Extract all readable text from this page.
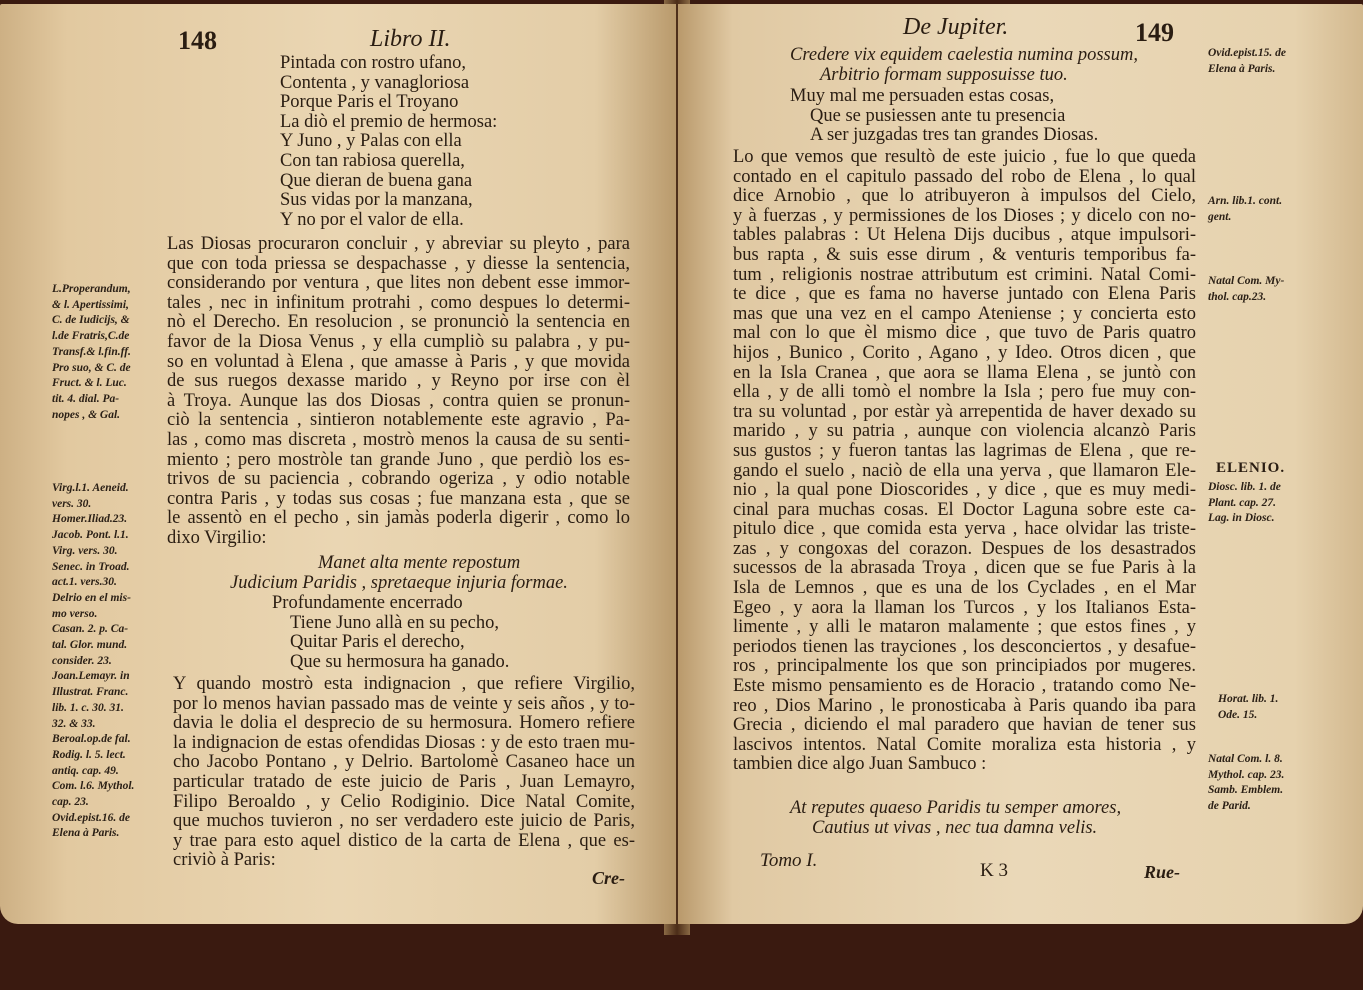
148	Libro II.
Pintada con rostro ufano,
Contenta , y vanagloriosa
Porque Paris el Troyano
La diò el premio de hermosa:
Y Juno , y Palas con ella
Con tan rabiosa querella,
Que dieran de buena gana
Sus vidas por la manzana,
Y no por el valor de ella.
Las Diosas procuraron concluir , y abreviar su pleyto , para
que con toda priessa se despachasse , y diesse la sentencia,
considerando por ventura , que lites non debent esse immor-
tales , nec in infinitum protrahi , como despues lo determi-
nò el Derecho. En resolucion , se pronunciò la sentencia en
favor de la Diosa Venus , y ella cumpliò su palabra , y pu-
so en voluntad à Elena , que amasse à Paris , y que movida
de sus ruegos dexasse marido , y Reyno por irse con èl
à Troya. Aunque las dos Diosas , contra quien se pronun-
ciò la sentencia , sintieron notablemente este agravio , Pa-
las , como mas discreta , mostrò menos la causa de su senti-
miento ; pero mostròle tan grande Juno , que perdiò los es-
trivos de su paciencia , cobrando ogeriza , y odio notable
contra Paris , y todas sus cosas ; fue manzana esta , que se
le assentò en el pecho , sin jamàs poderla digerir , como lo
dixo Virgilio:
Manet alta mente repostum
Judicium Paridis , spretaeque injuria formae.
Profundamente encerrado
Tiene Juno allà en su pecho,
Quitar Paris el derecho,
Que su hermosura ha ganado.
Y quando mostrò esta indignacion , que refiere Virgilio,
por lo menos havian passado mas de veinte y seis años , y to-
davia le dolia el desprecio de su hermosura. Homero refiere
la indignacion de estas ofendidas Diosas : y de esto traen mu-
cho Jacobo Pontano , y Delrio. Bartolomè Casaneo hace un
particular tratado de este juicio de Paris , Juan Lemayro,
Filipo Beroaldo , y Celio Rodiginio. Dice Natal Comite,
que muchos tuvieron , no ser verdadero este juicio de Paris,
y trae para esto aquel distico de la carta de Elena , que es-
criviò à Paris:
Cre-
L.Properandum,
& l. Apertissimi,
C. de Iudicijs, &
l.de Fratris,C.de
Transf.& l.fin.ff.
Pro suo, & C. de
Fruct. & l. Luc.
tit. 4. dial. Pa-
nopes , & Gal.
Virg.l.1. Aeneid.
vers. 30.
Homer.Iliad.23.
Jacob. Pont. l.1.
Virg. vers. 30.
Senec. in Troad.
act.1. vers.30.
Delrio en el mis-
mo verso.
Casan. 2. p. Ca-
tal. Glor. mund.
consider. 23.
Joan.Lemayr. in
Illustrat. Franc.
lib. 1. c. 30. 31.
32. & 33.
Beroal.op.de fal.
Rodig. l. 5. lect.
antiq. cap. 49.
Com. l.6. Mythol.
cap. 23.
Ovid.epist.16. de
Elena à Paris.
De Jupiter.	149
Credere vix equidem caelestia numina possum,
Arbitrio formam supposuisse tuo.
Muy mal me persuaden estas cosas,
Que se pusiessen ante tu presencia
A ser juzgadas tres tan grandes Diosas.
Lo que vemos que resultò de este juicio , fue lo que queda
contado en el capitulo passado del robo de Elena , lo qual
dice Arnobio , que lo atribuyeron à impulsos del Cielo,
y à fuerzas , y permissiones de los Dioses ; y dicelo con no-
tables palabras : Ut Helena Dijs ducibus , atque impulsori-
bus rapta , & suis esse dirum , & venturis temporibus fa-
tum , religionis nostrae attributum est crimini. Natal Comi-
te dice , que es fama no haverse juntado con Elena Paris
mas que una vez en el campo Ateniense ; y concierta esto
mal con lo que èl mismo dice , que tuvo de Paris quatro
hijos , Bunico , Corito , Agano , y Ideo. Otros dicen , que
en la Isla Cranea , que aora se llama Elena , se juntò con
ella , y de alli tomò el nombre la Isla ; pero fue muy con-
tra su voluntad , por estàr yà arrepentida de haver dexado su
marido , y su patria , aunque con violencia alcanzò Paris
sus gustos ; y fueron tantas las lagrimas de Elena , que re-
gando el suelo , naciò de ella una yerva , que llamaron Ele-
nio , la qual pone Dioscorides , y dice , que es muy medi-
cinal para muchas cosas. El Doctor Laguna sobre este ca-
pitulo dice , que comida esta yerva , hace olvidar las triste-
zas , y congoxas del corazon. Despues de los desastrados
sucessos de la abrasada Troya , dicen que se fue Paris à la
Isla de Lemnos , que es una de los Cyclades , en el Mar
Egeo , y aora la llaman los Turcos , y los Italianos Esta-
limente , y alli le mataron malamente ; que estos fines , y
periodos tienen las trayciones , los desconciertos , y desafue-
ros , principalmente los que son principiados por mugeres.
Este mismo pensamiento es de Horacio , tratando como Ne-
reo , Dios Marino , le pronosticaba à Paris quando iba para
Grecia , diciendo el mal paradero que havian de tener sus
lascivos intentos. Natal Comite moraliza esta historia , y
tambien dice algo Juan Sambuco :
At reputes quaeso Paridis tu semper amores,
Cautius ut vivas , nec tua damna velis.
Tomo I.	K 3	Rue-
Ovid.epist.15. de
Elena à Paris.
Arn. lib.1. cont.
gent.
Natal Com. My-
thol. cap.23.
ELENIO.
Diosc. lib. 1. de
Plant. cap. 27.
Lag. in Diosc.
Horat. lib. 1.
Ode. 15.
Natal Com. l. 8.
Mythol. cap. 23.
Samb. Emblem.
de Parid.
